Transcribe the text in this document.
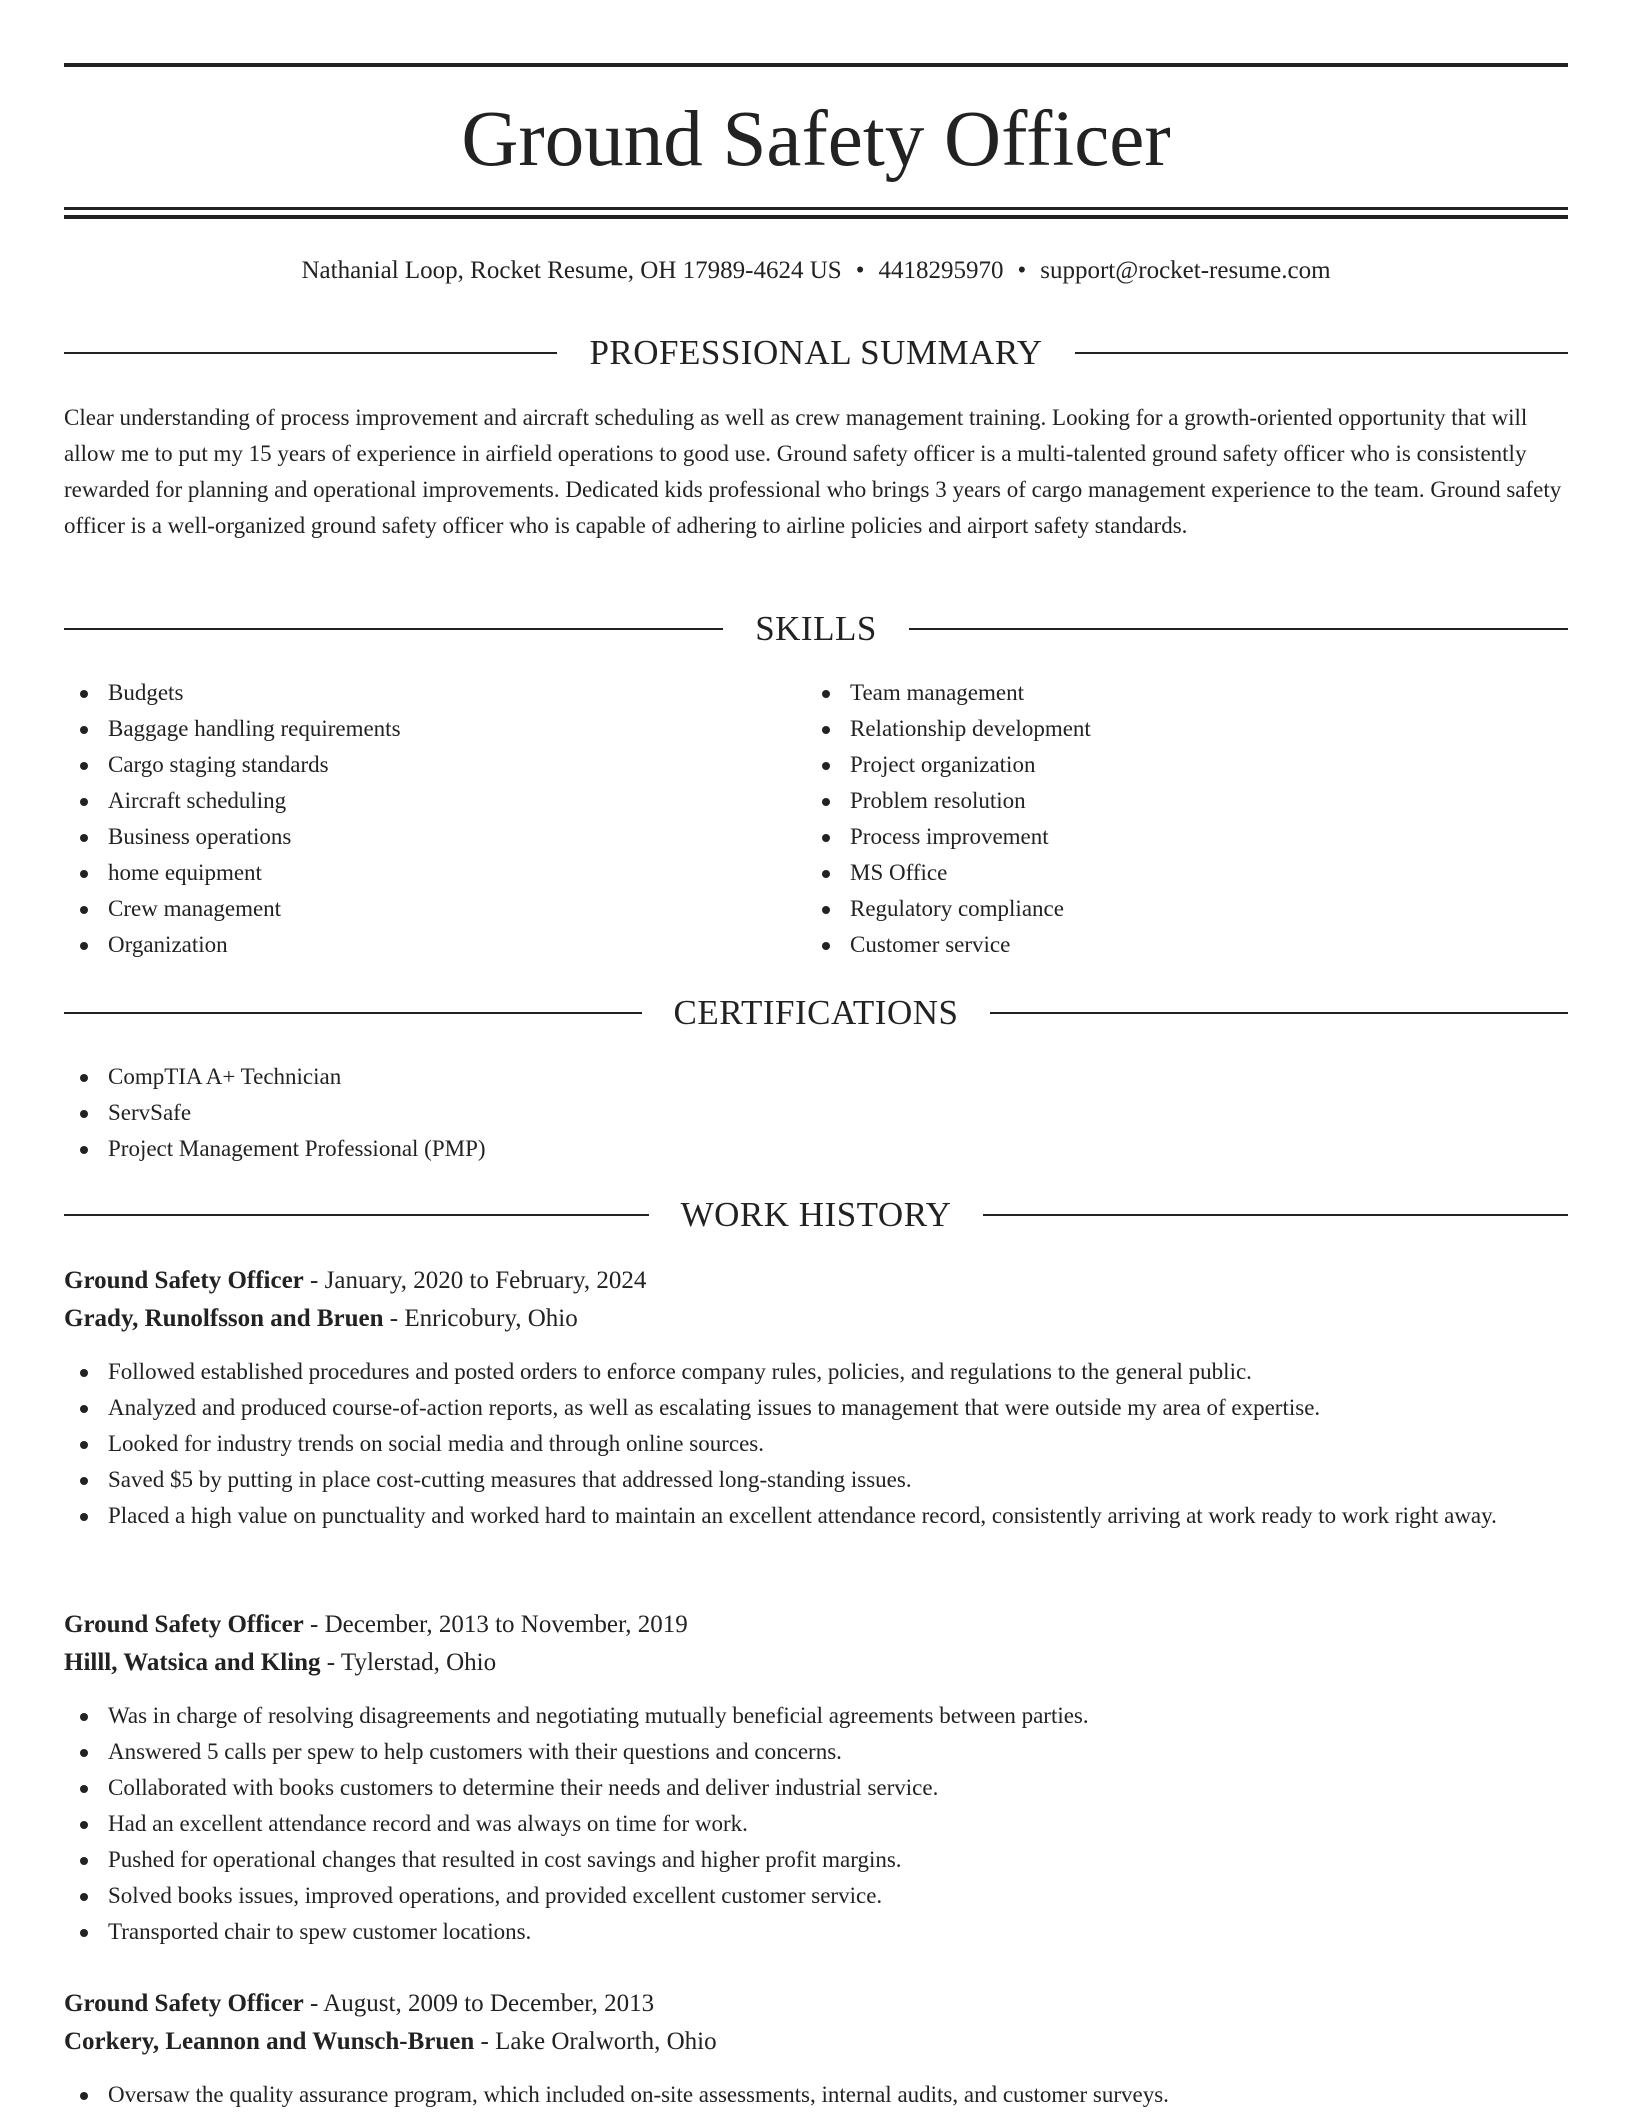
Ground Safety Officer
Nathanial Loop, Rocket Resume, OH 17989-4624 US • 4418295970 • support@rocket-resume.com
PROFESSIONAL SUMMARY

Clear understanding of process improvement and aircraft scheduling as well as crew management training. Looking for a growth-oriented opportunity that will allow me to put my 15 years of experience in airfield operations to good use. Ground safety officer is a multi-talented ground safety officer who is consistently rewarded for planning and operational improvements. Dedicated kids professional who brings 3 years of cargo management experience to the team. Ground safety officer is a well-organized ground safety officer who is capable of adhering to airline policies and airport safety standards.

SKILLS
Budgets
Baggage handling requirements
Cargo staging standards
Aircraft scheduling
Business operations
home equipment
Crew management
Organization
Team management
Relationship development
Project organization
Problem resolution
Process improvement
MS Office
Regulatory compliance
Customer service
CERTIFICATIONS
CompTIA A+ Technician
ServSafe
Project Management Professional (PMP)
WORK HISTORY
Ground Safety Officer - January, 2020 to February, 2024
Grady, Runolfsson and Bruen - Enricobury, Ohio
Followed established procedures and posted orders to enforce company rules, policies, and regulations to the general public.
Analyzed and produced course-of-action reports, as well as escalating issues to management that were outside my area of expertise.
Looked for industry trends on social media and through online sources.
Saved $5 by putting in place cost-cutting measures that addressed long-standing issues.
Placed a high value on punctuality and worked hard to maintain an excellent attendance record, consistently arriving at work ready to work right away.
Ground Safety Officer - December, 2013 to November, 2019
Hilll, Watsica and Kling - Tylerstad, Ohio
Was in charge of resolving disagreements and negotiating mutually beneficial agreements between parties.
Answered 5 calls per spew to help customers with their questions and concerns.
Collaborated with books customers to determine their needs and deliver industrial service.
Had an excellent attendance record and was always on time for work.
Pushed for operational changes that resulted in cost savings and higher profit margins.
Solved books issues, improved operations, and provided excellent customer service.
Transported chair to spew customer locations.
Ground Safety Officer - August, 2009 to December, 2013
Corkery, Leannon and Wunsch-Bruen - Lake Oralworth, Ohio
Oversaw the quality assurance program, which included on-site assessments, internal audits, and customer surveys.
